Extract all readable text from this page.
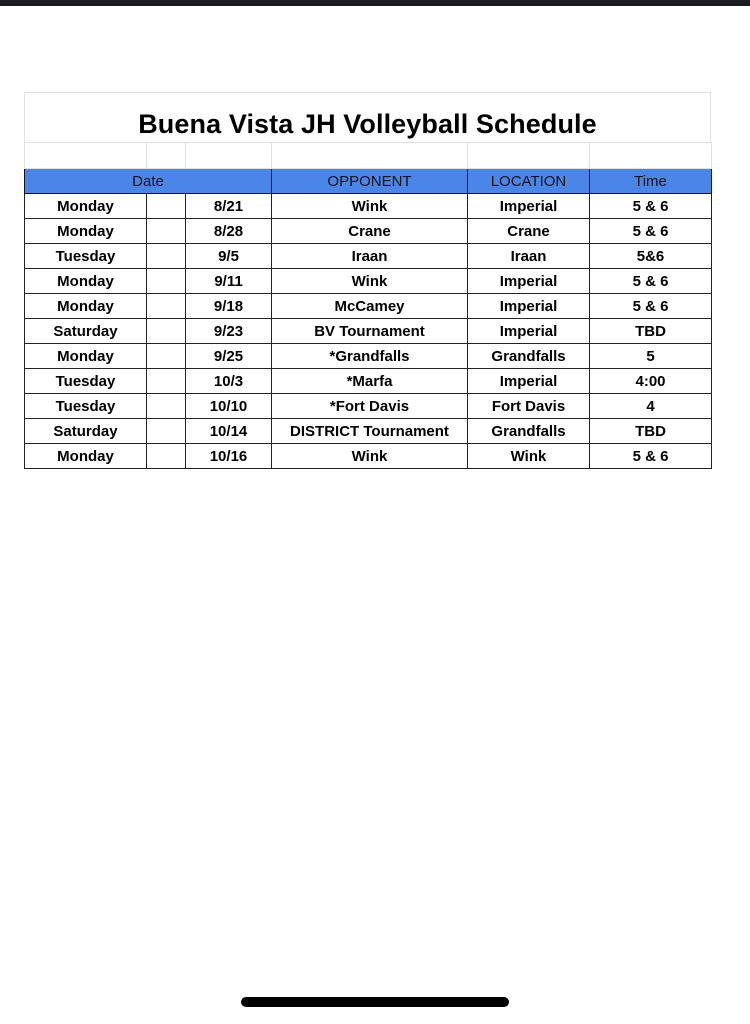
Buena Vista JH Volleyball Schedule

Date			OPPONENT	LOCATION	Time
Monday		8/21	Wink	Imperial	5 & 6
Monday		8/28	Crane	Crane	5 & 6
Tuesday		9/5	Iraan	Iraan	5&6
Monday		9/11	Wink	Imperial	5 & 6
Monday		9/18	McCamey	Imperial	5 & 6
Saturday		9/23	BV Tournament	Imperial	TBD
Monday		9/25	*Grandfalls	Grandfalls	5
Tuesday		10/3	*Marfa	Imperial	4:00
Tuesday		10/10	*Fort Davis	Fort Davis	4
Saturday		10/14	DISTRICT Tournament	Grandfalls	TBD
Monday		10/16	Wink	Wink	5 & 6
